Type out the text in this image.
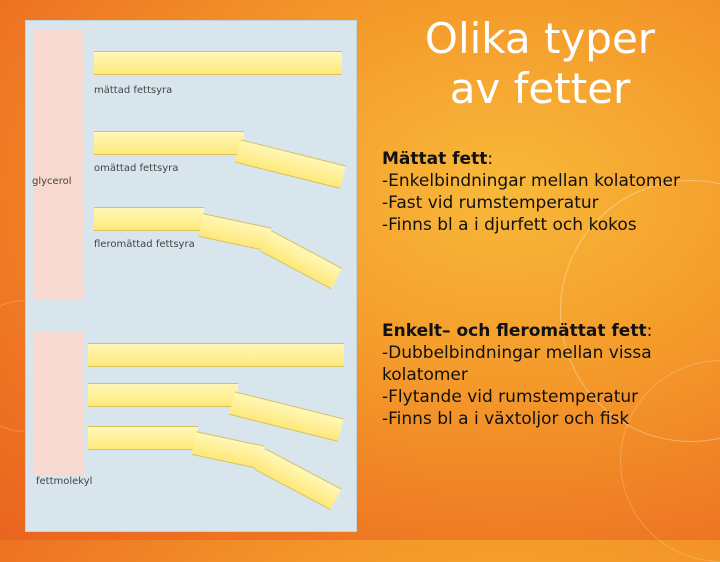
mättad fettsyra
omättad fettsyra
glycerol
fleromättad fettsyra
fettmolekyl
Olika typer
av fetter
Mättat fett:
-Enkelbindningar mellan kolatomer
-Fast vid rumstemperatur
-Finns bl a i djurfett och kokos
Enkelt– och fleromättat fett:
-Dubbelbindningar mellan vissa kolatomer
-Flytande vid rumstemperatur
-Finns bl a i växtoljor och fisk
